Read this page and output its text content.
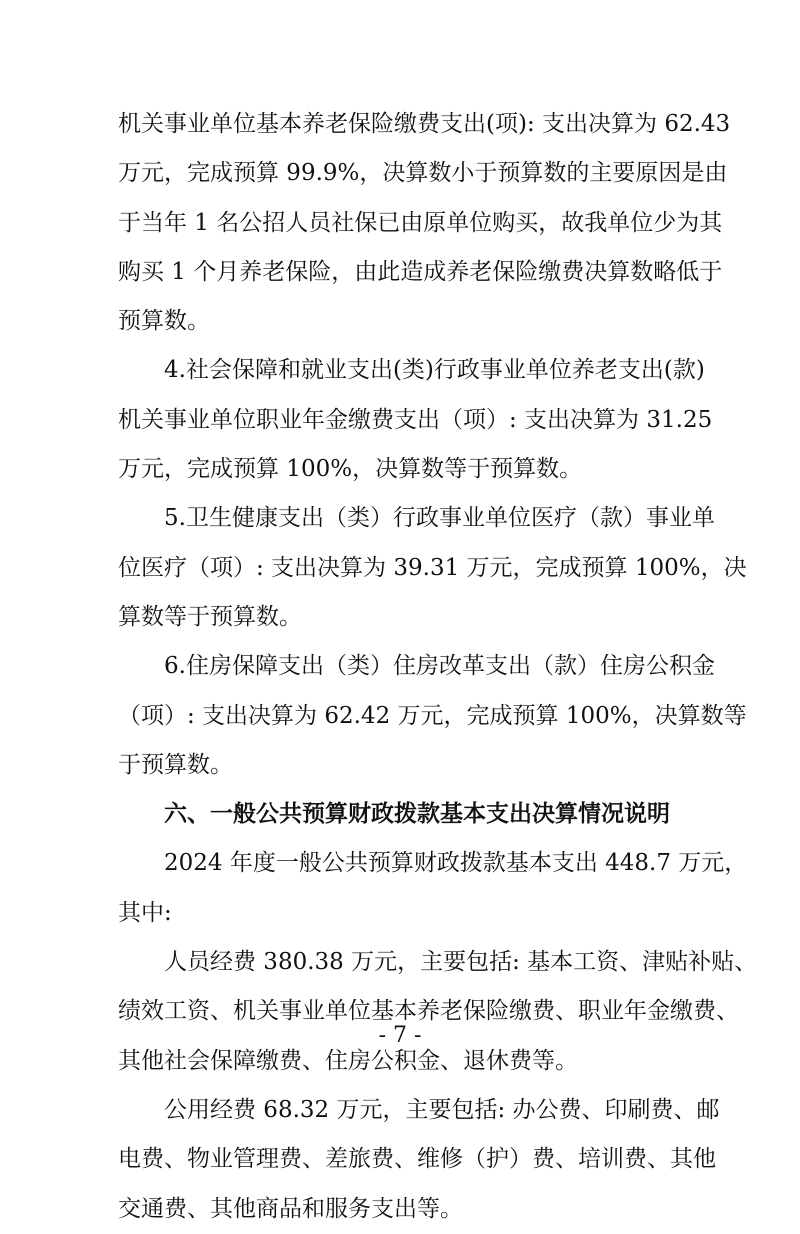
机关事业单位基本养老保险缴费支出(项): 支出决算为 62.43
万元，完成预算 99.9%，决算数小于预算数的主要原因是由
于当年 1 名公招人员社保已由原单位购买，故我单位少为其
购买 1 个月养老保险，由此造成养老保险缴费决算数略低于
预算数。
4.社会保障和就业支出(类)行政事业单位养老支出(款)
机关事业单位职业年金缴费支出（项）: 支出决算为 31.25
万元，完成预算 100%，决算数等于预算数。
5.卫生健康支出（类）行政事业单位医疗（款）事业单
位医疗（项）: 支出决算为 39.31 万元，完成预算 100%，决
算数等于预算数。
6.住房保障支出（类）住房改革支出（款）住房公积金
（项）: 支出决算为 62.42 万元，完成预算 100%，决算数等
于预算数。
六、一般公共预算财政拨款基本支出决算情况说明
2024 年度一般公共预算财政拨款基本支出 448.7 万元，
其中:
人员经费 380.38 万元，主要包括: 基本工资、津贴补贴、
绩效工资、机关事业单位基本养老保险缴费、职业年金缴费、
其他社会保障缴费、住房公积金、退休费等。
公用经费 68.32 万元，主要包括: 办公费、印刷费、邮
电费、物业管理费、差旅费、维修（护）费、培训费、其他
交通费、其他商品和服务支出等。
- 7 -
